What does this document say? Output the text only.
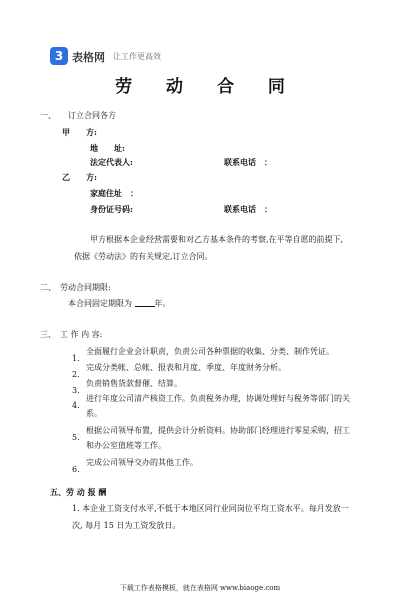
3 表格网 让工作更高效
劳 动 合 同
一、　　订立合同各方
甲　　方:
地　　址:
法定代表人:	联系电话　：
乙　　方:
家庭住址　：
身份证号码:	联系电话　：
甲方根据本企业经营需要和对乙方基本条件的考察,在平等自愿的前提下,
依据《劳动法》的有关规定,订立合同。
二、　劳动合同期限:
本合同固定期限为	年。
三、　工 作 内 容:
1.
全面履行企业会计职责，负责公司各种票据的收集、分类、制作凭证。
2.
完成分类帐、总帐、报表和月度、季度、年度财务分析。
3.
负责销售货款督催、结算。
4.
进行年度公司清产核资工作。负责税务办理，协调处理好与税务等部门的关
系。
5.
根据公司领导布置，提供会计分析资料。协助部门经理进行零星采购，招工
和办公室值班等工作。
6.
完成公司领导交办的其他工作。
五、劳 动 报 酬
1. 本企业工资支付水平,不低于本地区同行业同岗位平均工资水平。每月发放一
次, 每月 15 日为工资发放日。
下载工作表格模板，就在表格网 www.biaoge.com
